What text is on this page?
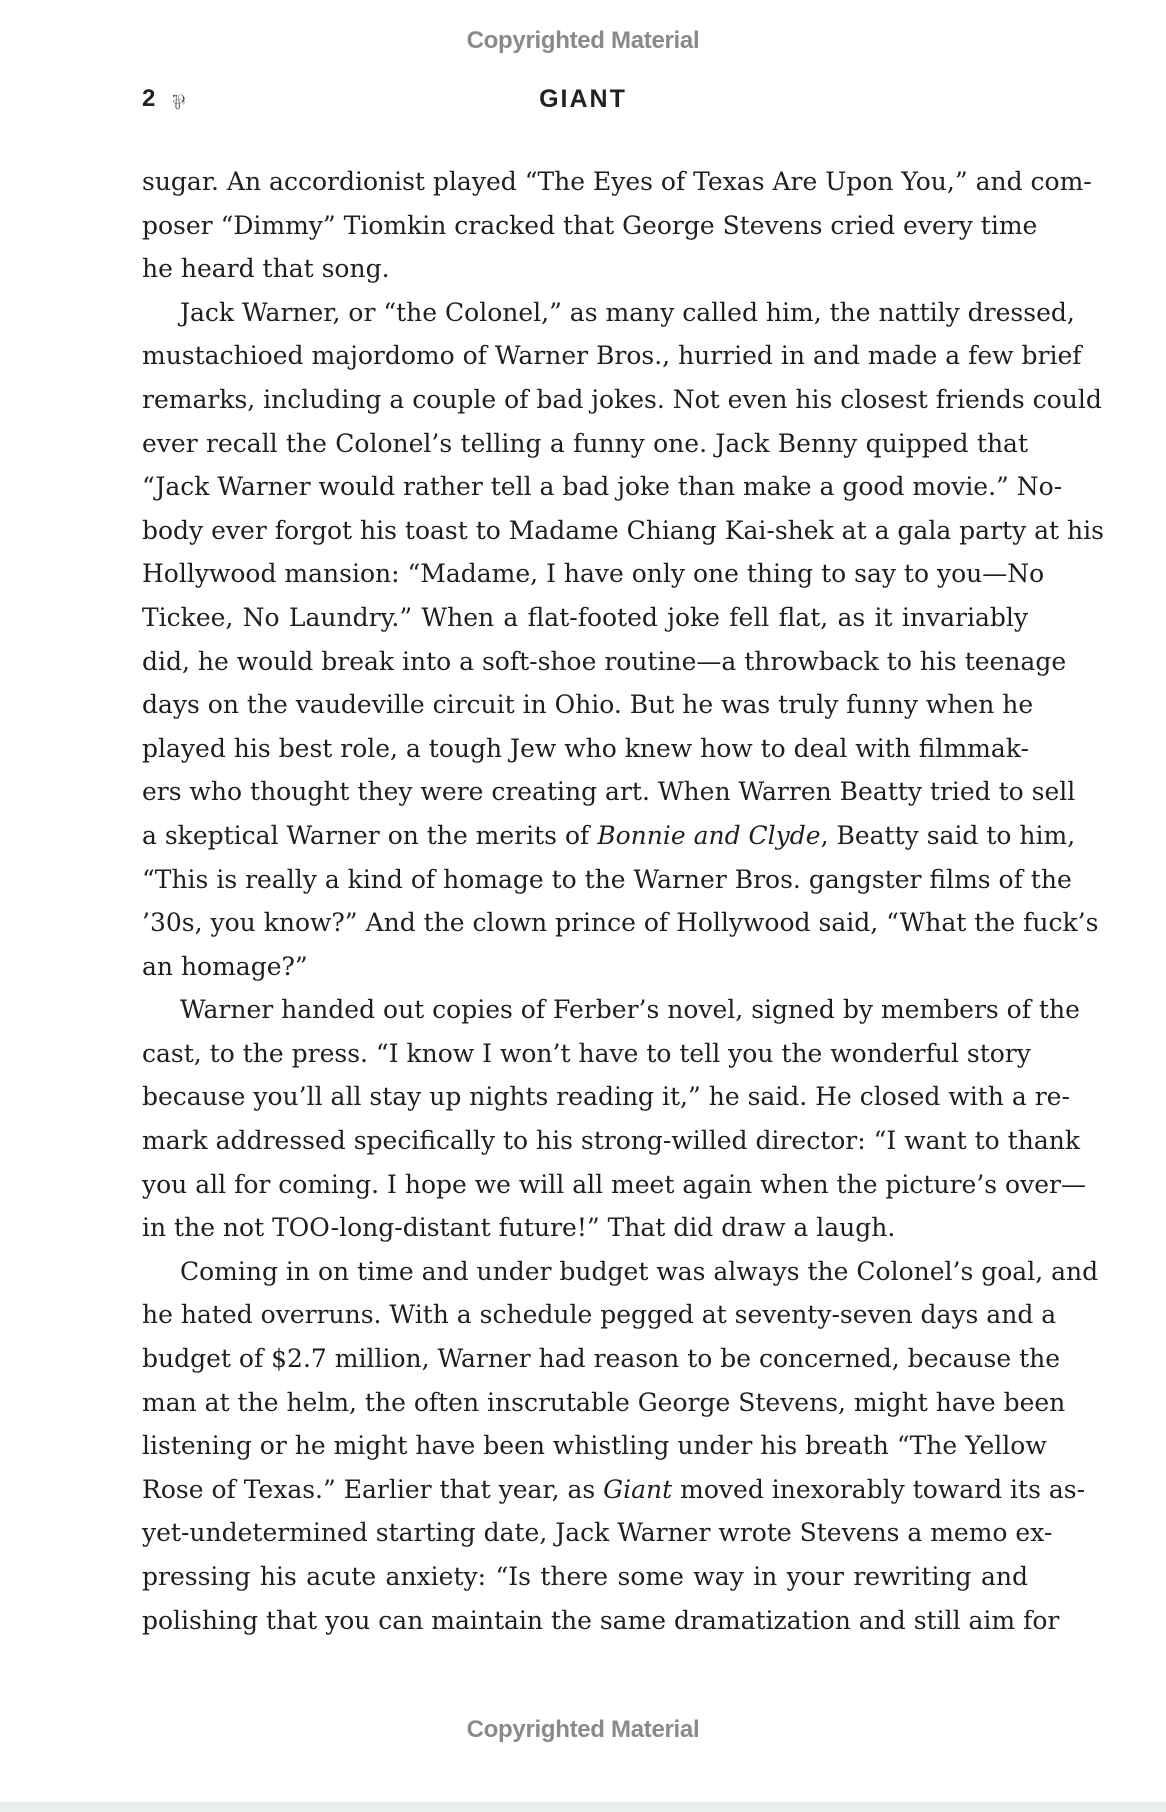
Copyrighted Material
2 ⅌	GIANT
sugar. An accordionist played “The Eyes of Texas Are Upon You,” and com-
poser “Dimmy” Tiomkin cracked that George Stevens cried every time
he heard that song.
Jack Warner, or “the Colonel,” as many called him, the nattily dressed,
mustachioed majordomo of Warner Bros., hurried in and made a few brief
remarks, including a couple of bad jokes. Not even his closest friends could
ever recall the Colonel’s telling a funny one. Jack Benny quipped that
“Jack Warner would rather tell a bad joke than make a good movie.” No-
body ever forgot his toast to Madame Chiang Kai-shek at a gala party at his
Hollywood mansion: “Madame, I have only one thing to say to you—No
Tickee, No Laundry.” When a flat-footed joke fell flat, as it invariably
did, he would break into a soft-shoe routine—a throwback to his teenage
days on the vaudeville circuit in Ohio. But he was truly funny when he
played his best role, a tough Jew who knew how to deal with filmmak-
ers who thought they were creating art. When Warren Beatty tried to sell
a skeptical Warner on the merits of Bonnie and Clyde, Beatty said to him,
“This is really a kind of homage to the Warner Bros. gangster films of the
’30s, you know?” And the clown prince of Hollywood said, “What the fuck’s
an homage?”
Warner handed out copies of Ferber’s novel, signed by members of the
cast, to the press. “I know I won’t have to tell you the wonderful story
because you’ll all stay up nights reading it,” he said. He closed with a re-
mark addressed specifically to his strong-willed director: “I want to thank
you all for coming. I hope we will all meet again when the picture’s over—
in the not TOO-long-distant future!” That did draw a laugh.
Coming in on time and under budget was always the Colonel’s goal, and
he hated overruns. With a schedule pegged at seventy-seven days and a
budget of $2.7 million, Warner had reason to be concerned, because the
man at the helm, the often inscrutable George Stevens, might have been
listening or he might have been whistling under his breath “The Yellow
Rose of Texas.” Earlier that year, as Giant moved inexorably toward its as-
yet-undetermined starting date, Jack Warner wrote Stevens a memo ex-
pressing his acute anxiety: “Is there some way in your rewriting and
polishing that you can maintain the same dramatization and still aim for
Copyrighted Material
